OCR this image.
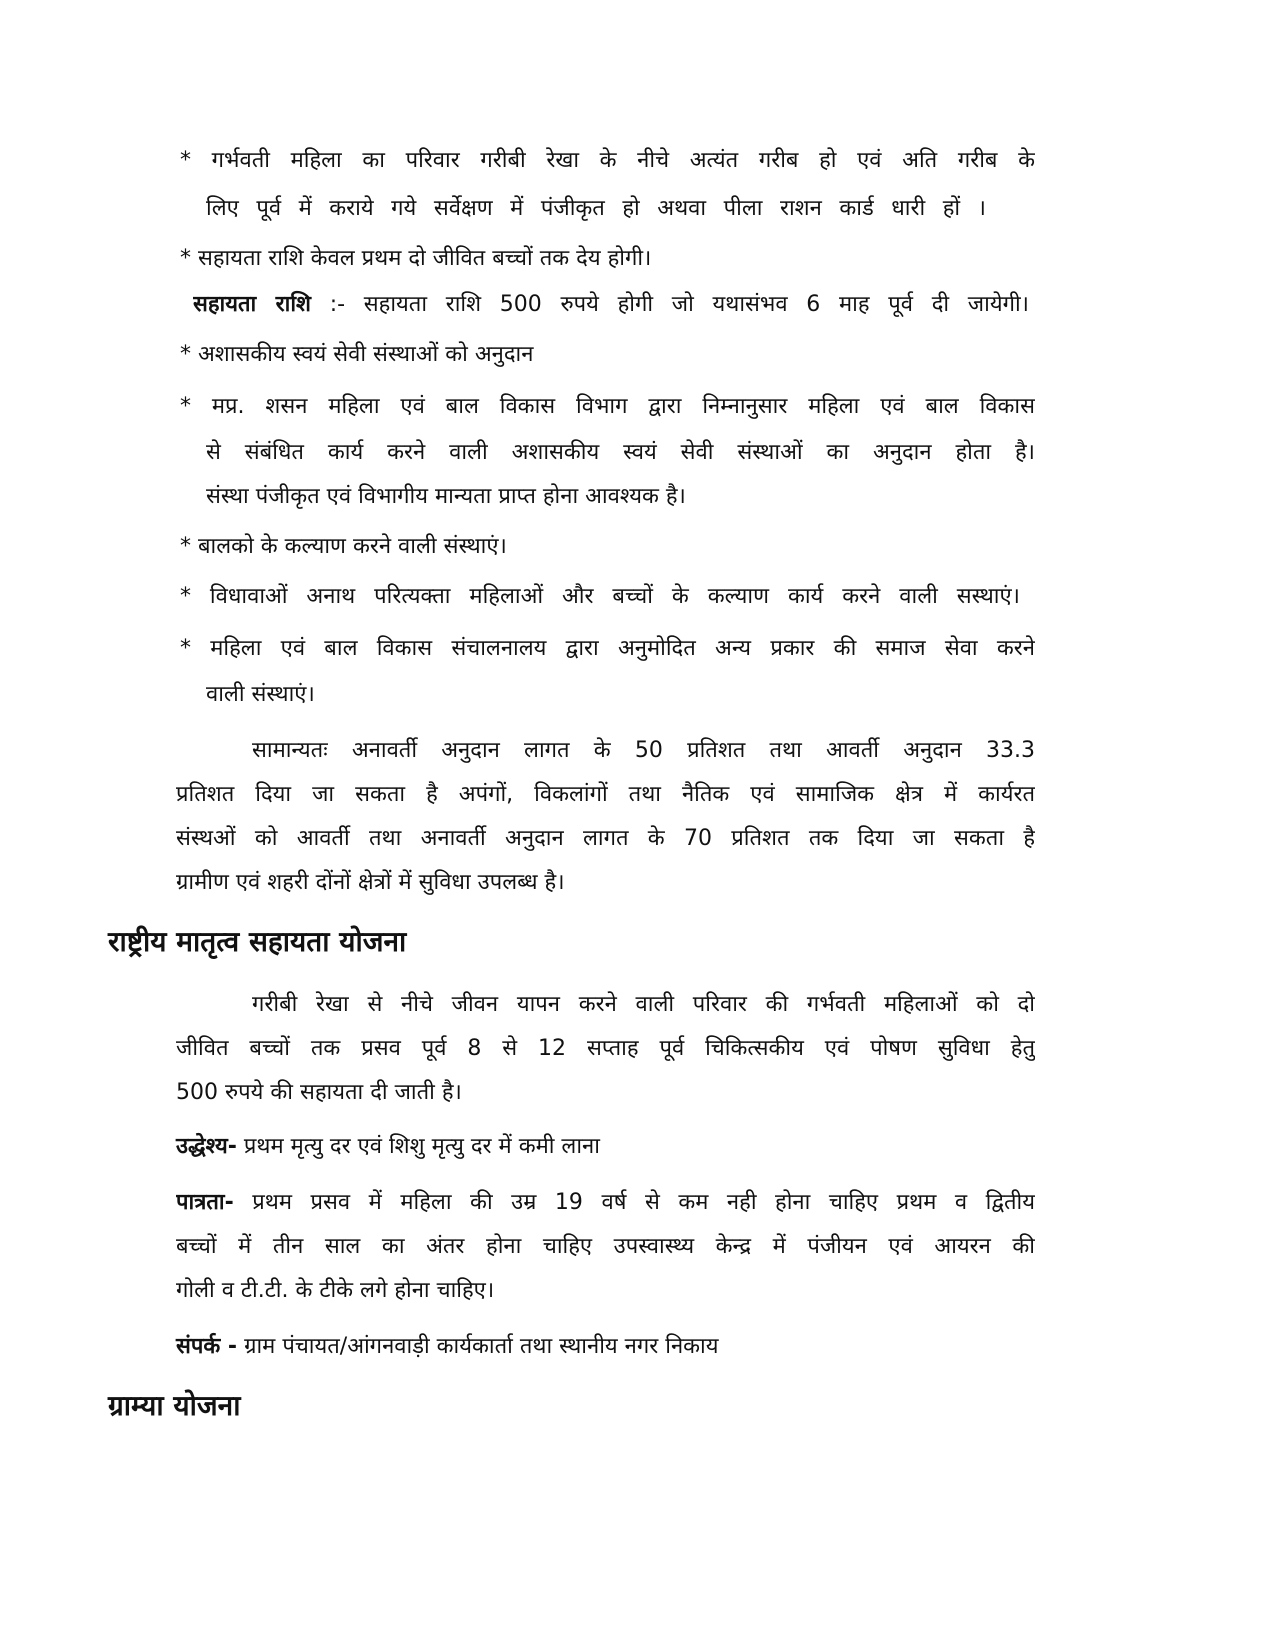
* गर्भवती महिला का परिवार गरीबी रेखा के नीचे अत्यंत गरीब हो एवं अति गरीब के
लिए पूर्व में कराये गये सर्वेक्षण में पंजीकृत हो अथवा पीला राशन कार्ड धारी हों ।
* सहायता राशि केवल प्रथम दो जीवित बच्चों तक देय होगी।
सहायता राशि :- सहायता राशि 500 रुपये होगी जो यथासंभव 6 माह पूर्व दी जायेगी।
* अशासकीय स्वयं सेवी संस्थाओं को अनुदान
* मप्र. शसन महिला एवं बाल विकास विभाग द्वारा निम्नानुसार महिला एवं बाल विकास
से संबंधित कार्य करने वाली अशासकीय स्वयं सेवी संस्थाओं का अनुदान होता है।
संस्था पंजीकृत एवं विभागीय मान्यता प्राप्त होना आवश्यक है।
* बालको के कल्याण करने वाली संस्थाएं।
* विधावाओं अनाथ परित्यक्ता महिलाओं और बच्चों के कल्याण कार्य करने वाली सस्थाएं।
* महिला एवं बाल विकास संचालनालय द्वारा अनुमोदित अन्य प्रकार की समाज सेवा करने
वाली संस्थाएं।
सामान्यतः अनावर्ती अनुदान लागत के 50 प्रतिशत तथा आवर्ती अनुदान 33.3
प्रतिशत दिया जा सकता है अपंगों, विकलांगों तथा नैतिक एवं सामाजिक क्षेत्र में कार्यरत
संस्थओं को आवर्ती तथा अनावर्ती अनुदान लागत के 70 प्रतिशत तक दिया जा सकता है
ग्रामीण एवं शहरी दोंनों क्षेत्रों में सुविधा उपलब्ध है।
राष्ट्रीय मातृत्व सहायता योजना
गरीबी रेखा से नीचे जीवन यापन करने वाली परिवार की गर्भवती महिलाओं को दो
जीवित बच्चों तक प्रसव पूर्व 8 से 12 सप्ताह पूर्व चिकित्सकीय एवं पोषण सुविधा हेतु
500 रुपये की सहायता दी जाती है।
उद्धेश्य- प्रथम मृत्यु दर एवं शिशु मृत्यु दर में कमी लाना
पात्रता- प्रथम प्रसव में महिला की उम्र 19 वर्ष से कम नही होना चाहिए प्रथम व द्वितीय
बच्चों में तीन साल का अंतर होना चाहिए उपस्वास्थ्य केन्द्र में पंजीयन एवं आयरन की
गोली व टी.टी. के टीके लगे होना चाहिए।
संपर्क - ग्राम पंचायत/आंगनवाड़ी कार्यकार्ता तथा स्थानीय नगर निकाय
ग्राम्या योजना
